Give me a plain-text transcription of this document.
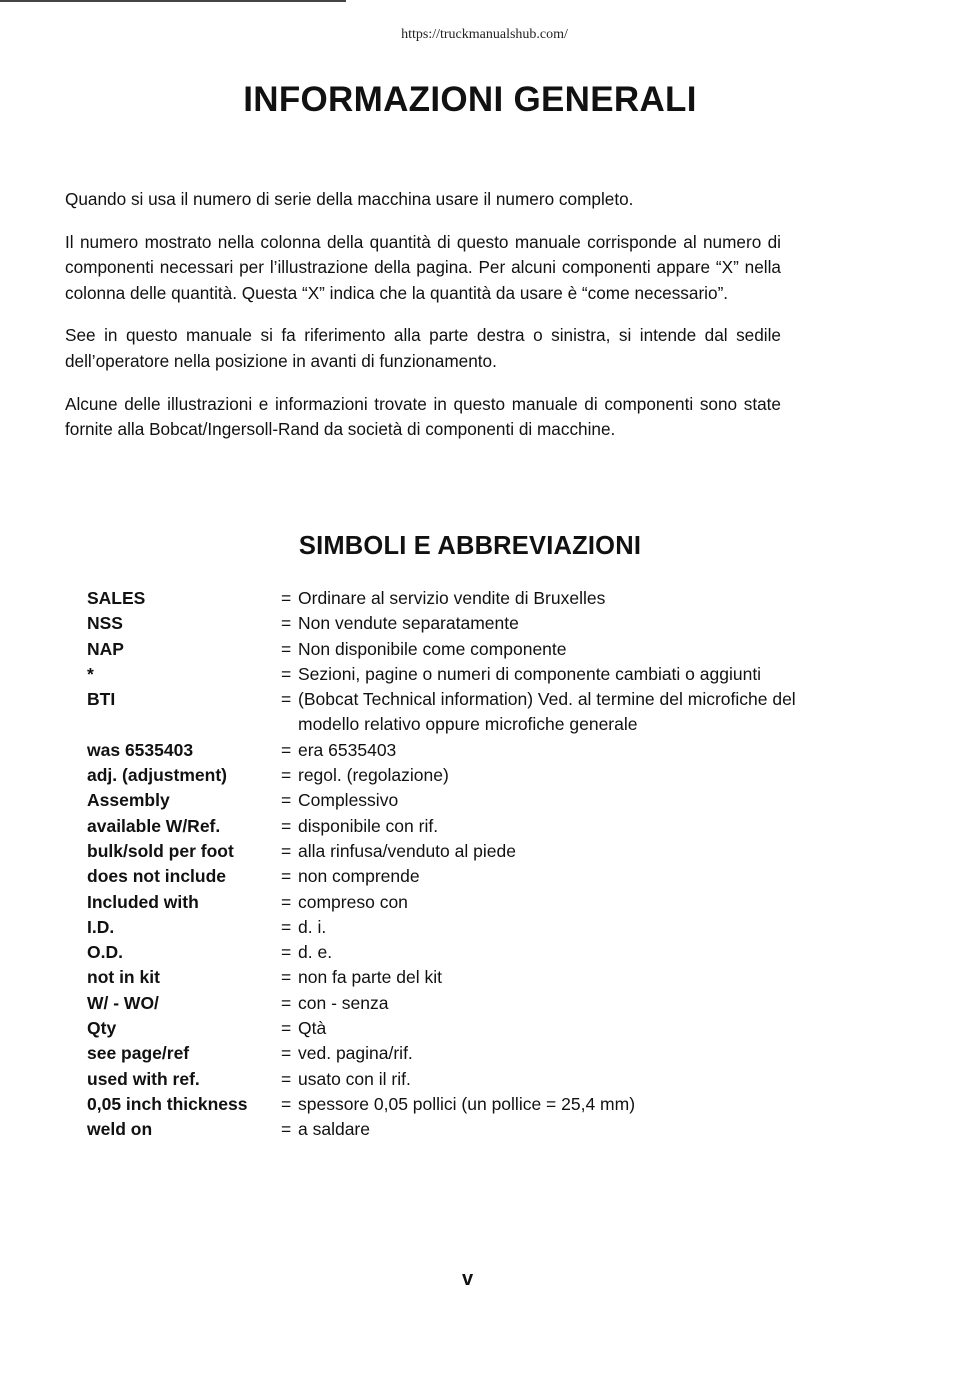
https://truckmanualshub.com/
INFORMAZIONI GENERALI

Quando si usa il numero di serie della macchina usare il numero completo.

Il numero mostrato nella colonna della quantità di questo manuale corrisponde al numero di componenti necessari per l’illustrazione della pagina. Per alcuni componenti appare “X” nella colonna delle quantità. Questa “X” indica che la quantità da usare è “come necessario”.

See in questo manuale si fa riferimento alla parte destra o sinistra, si intende dal sedile dell’operatore nella posizione in avanti di funzionamento.

Alcune delle illustrazioni e informazioni trovate in questo manuale di componenti sono state fornite alla Bobcat/Ingersoll-Rand da società di componenti di macchine.

SIMBOLI E ABBREVIAZIONI
SALES	= Ordinare al servizio vendite di Bruxelles
NSS	= Non vendute separatamente
NAP	= Non disponibile come componente
*	= Sezioni, pagine o numeri di componente cambiati o aggiunti
BTI	= (Bobcat Technical information) Ved. al termine del microfiche del modello relativo oppure microfiche generale
was 6535403	= era 6535403
adj. (adjustment)	= regol. (regolazione)
Assembly	= Complessivo
available W/Ref.	= disponibile con rif.
bulk/sold per foot	= alla rinfusa/venduto al piede
does not include	= non comprende
Included with	= compreso con
I.D.	= d. i.
O.D.	= d. e.
not in kit	= non fa parte del kit
W/ - WO/	= con - senza
Qty	= Qtà
see page/ref	= ved. pagina/rif.
used with ref.	= usato con il rif.
0,05 inch thickness	= spessore 0,05 pollici (un pollice = 25,4 mm)
weld on	= a saldare
v
